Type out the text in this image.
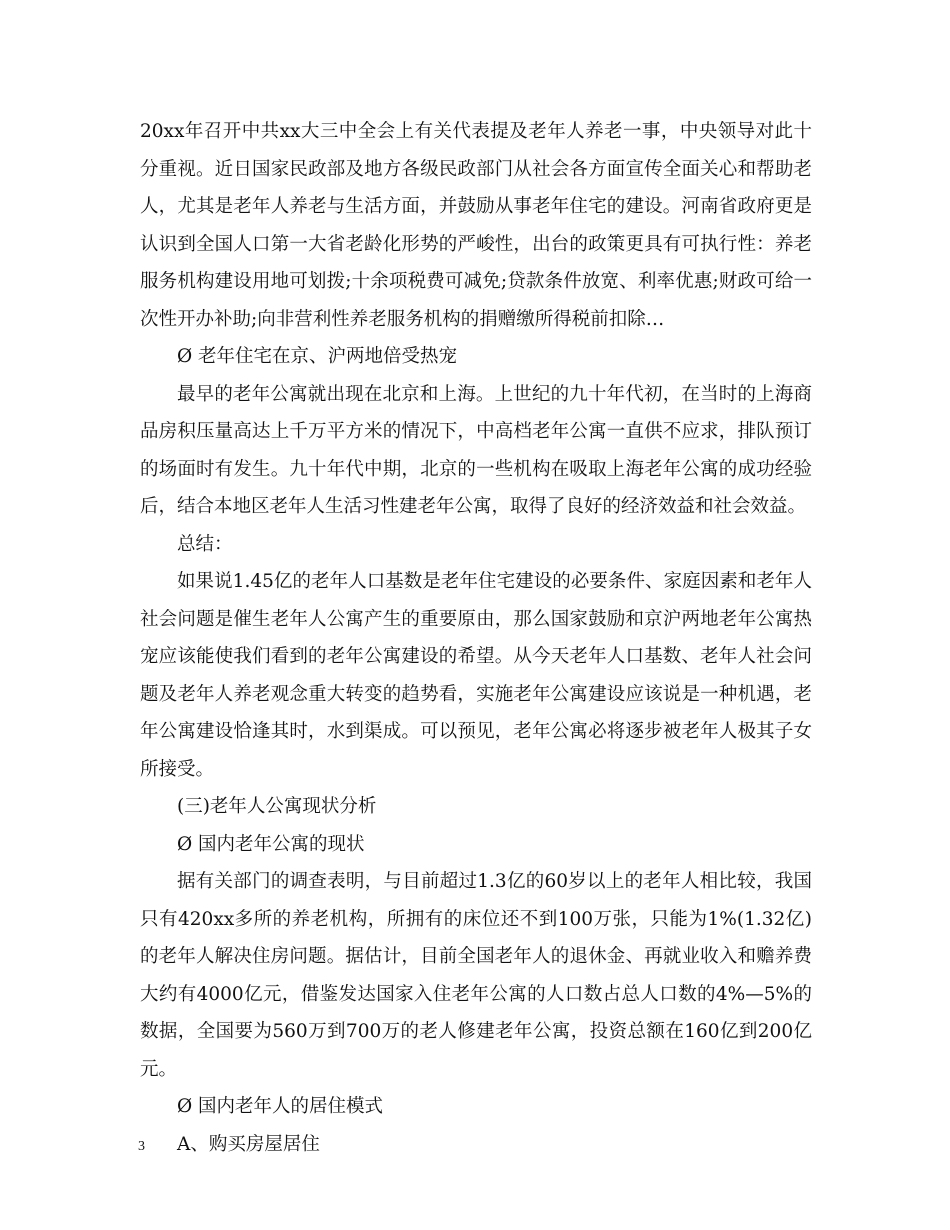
20xx年召开中共xx大三中全会上有关代表提及老年人养老一事，中央领导对此十分重视。近日国家民政部及地方各级民政部门从社会各方面宣传全面关心和帮助老人，尤其是老年人养老与生活方面，并鼓励从事老年住宅的建设。河南省政府更是认识到全国人口第一大省老龄化形势的严峻性，出台的政策更具有可执行性：养老服务机构建设用地可划拨;十余项税费可减免;贷款条件放宽、利率优惠;财政可给一次性开办补助;向非营利性养老服务机构的捐赠缴所得税前扣除…

Ø 老年住宅在京、沪两地倍受热宠

最早的老年公寓就出现在北京和上海。上世纪的九十年代初，在当时的上海商品房积压量高达上千万平方米的情况下，中高档老年公寓一直供不应求，排队预订的场面时有发生。九十年代中期，北京的一些机构在吸取上海老年公寓的成功经验后，结合本地区老年人生活习性建老年公寓，取得了良好的经济效益和社会效益。

总结：

如果说1.45亿的老年人口基数是老年住宅建设的必要条件、家庭因素和老年人社会问题是催生老年人公寓产生的重要原由，那么国家鼓励和京沪两地老年公寓热宠应该能使我们看到的老年公寓建设的希望。从今天老年人口基数、老年人社会问题及老年人养老观念重大转变的趋势看，实施老年公寓建设应该说是一种机遇，老年公寓建设恰逢其时，水到渠成。可以预见，老年公寓必将逐步被老年人极其子女所接受。

(三)老年人公寓现状分析

Ø 国内老年公寓的现状

据有关部门的调查表明，与目前超过1.3亿的60岁以上的老年人相比较，我国只有420xx多所的养老机构，所拥有的床位还不到100万张，只能为1%(1.32亿)的老年人解决住房问题。据估计，目前全国老年人的退休金、再就业收入和赡养费大约有4000亿元，借鉴发达国家入住老年公寓的人口数占总人口数的4%—5%的数据，全国要为560万到700万的老人修建老年公寓，投资总额在160亿到200亿元。

Ø 国内老年人的居住模式

A、购买房屋居住

3
